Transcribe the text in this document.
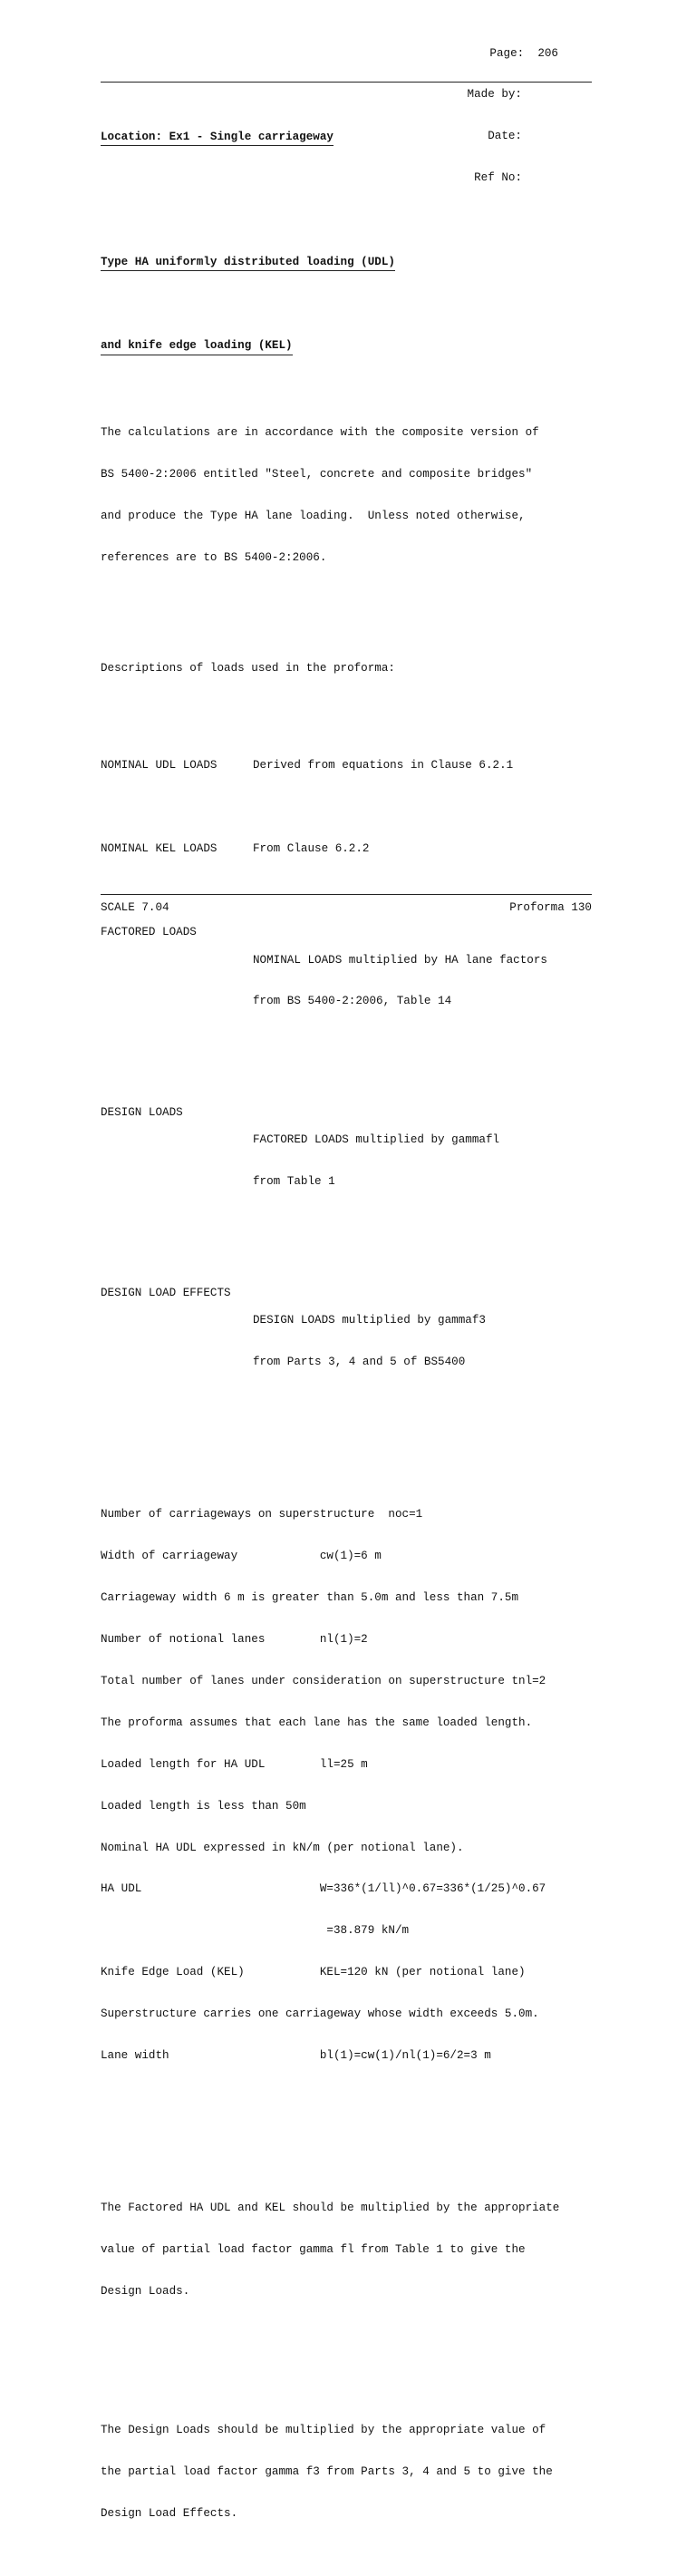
Page: 206

Made by:

Date:

Ref No:

Location: Ex1 - Single carriageway

Type HA uniformly distributed loading (UDL)

and knife edge loading (KEL)

The calculations are in accordance with the composite version of

BS 5400-2:2006 entitled "Steel, concrete and composite bridges"

and produce the Type HA lane loading.  Unless noted otherwise,

references are to BS 5400-2:2006.

Descriptions of loads used in the proforma:

NOMINAL UDL LOADS	Derived from equations in Clause 6.2.1

NOMINAL KEL LOADS	From Clause 6.2.2

FACTORED LOADS

NOMINAL LOADS multiplied by HA lane factors

from BS 5400-2:2006, Table 14

DESIGN LOADS

FACTORED LOADS multiplied by gammafl

from Table 1

DESIGN LOAD EFFECTS

DESIGN LOADS multiplied by gammaf3

from Parts 3, 4 and 5 of BS5400

Number of carriageways on superstructure  noc=1

Width of carriageway            cw(1)=6 m

Carriageway width 6 m is greater than 5.0m and less than 7.5m

Number of notional lanes        nl(1)=2

Total number of lanes under consideration on superstructure tnl=2

The proforma assumes that each lane has the same loaded length.

Loaded length for HA UDL        ll=25 m

Loaded length is less than 50m

Nominal HA UDL expressed in kN/m (per notional lane).

HA UDL                          W=336*(1/ll)^0.67=336*(1/25)^0.67

=38.879 kN/m

Knife Edge Load (KEL)           KEL=120 kN (per notional lane)

Superstructure carries one carriageway whose width exceeds 5.0m.

Lane width                      bl(1)=cw(1)/nl(1)=6/2=3 m

The Factored HA UDL and KEL should be multiplied by the appropriate

value of partial load factor gamma fl from Table 1 to give the

Design Loads.

The Design Loads should be multiplied by the appropriate value of

the partial load factor gamma f3 from Parts 3, 4 and 5 to give the

Design Load Effects.

SCALE 7.04	Proforma 130
